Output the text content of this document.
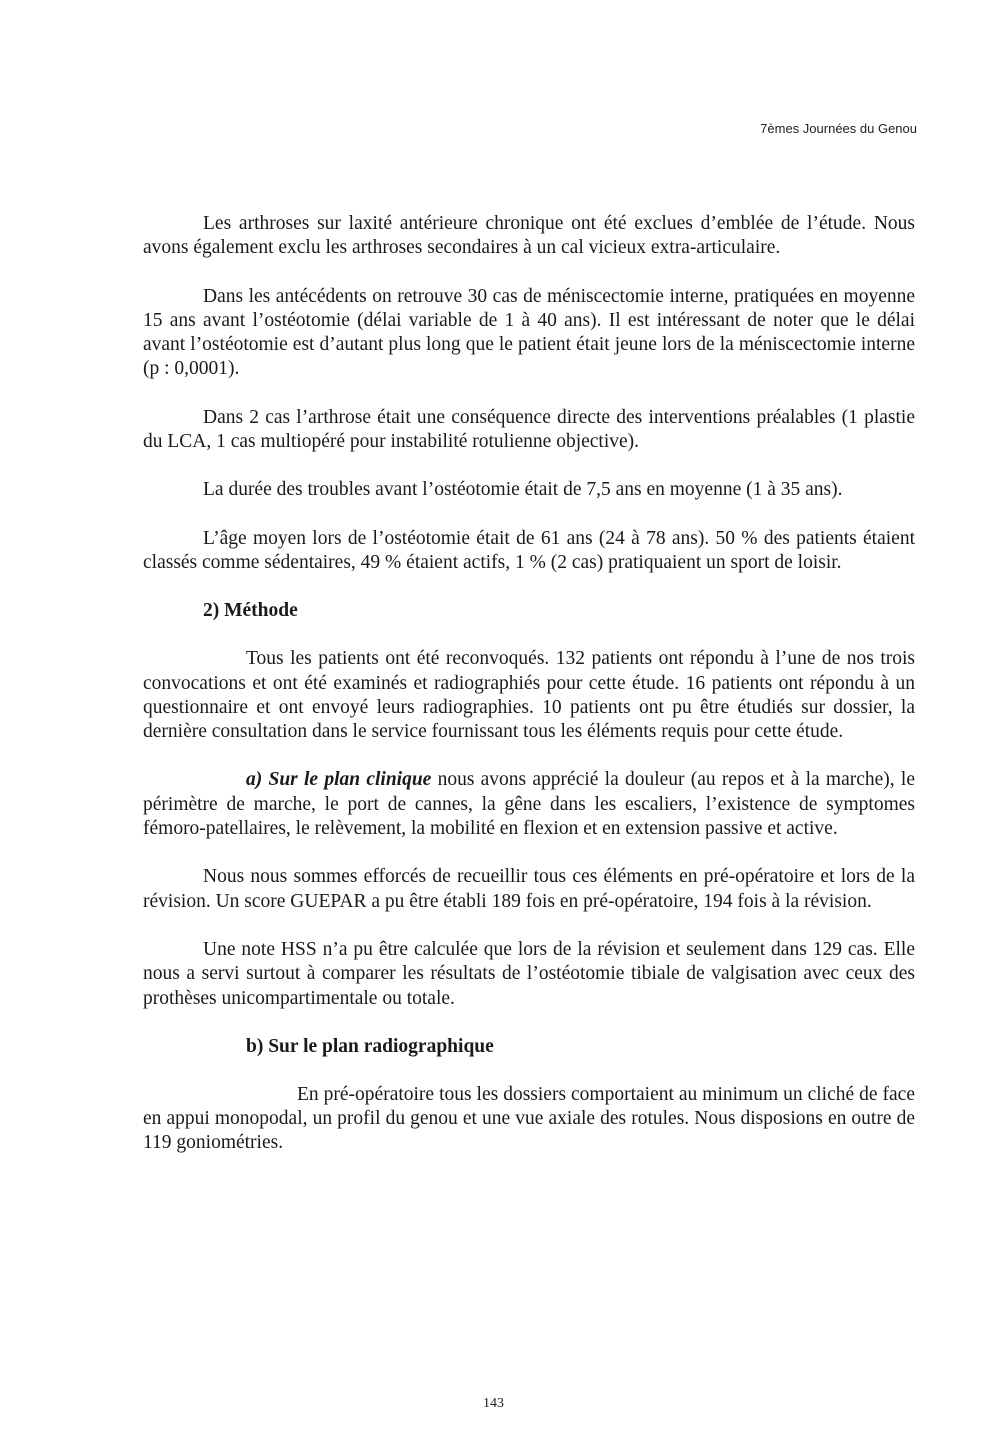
7èmes Journées du Genou

Les arthroses sur laxité antérieure chronique ont été exclues d’emblée de l’étude. Nous avons également exclu les arthroses secondaires à un cal vicieux extra-articulaire.

Dans les antécédents on retrouve 30 cas de méniscectomie interne, pratiquées en moyenne 15 ans avant l’ostéotomie (délai variable de 1 à 40 ans). Il est intéressant de noter que le délai avant l’ostéotomie est d’autant plus long que le patient était jeune lors de la méniscectomie interne (p : 0,0001).

Dans 2 cas l’arthrose était une conséquence directe des interventions préalables (1 plastie du LCA, 1 cas multiopéré pour instabilité rotulienne objective).

La durée des troubles avant l’ostéotomie était de 7,5 ans en moyenne (1 à 35 ans).

L’âge moyen lors de l’ostéotomie était de 61 ans (24 à 78 ans). 50 % des patients étaient classés comme sédentaires, 49 % étaient actifs, 1 % (2 cas) pratiquaient un sport de loisir.

2) Méthode

Tous les patients ont été reconvoqués. 132 patients ont répondu à l’une de nos trois convocations et ont été examinés et radiographiés pour cette étude. 16 patients ont répondu à un questionnaire et ont envoyé leurs radiographies. 10 patients ont pu être étudiés sur dossier, la dernière consultation dans le service fournissant tous les éléments requis pour cette étude.

a) Sur le plan clinique nous avons apprécié la douleur (au repos et à la marche), le périmètre de marche, le port de cannes, la gêne dans les escaliers, l’existence de symptomes fémoro-patellaires, le relèvement, la mobilité en flexion et en extension passive et active.

Nous nous sommes efforcés de recueillir tous ces éléments en pré-opératoire et lors de la révision. Un score GUEPAR a pu être établi 189 fois en pré-opératoire, 194 fois à la révision.

Une note HSS n’a pu être calculée que lors de la révision et seulement dans 129 cas. Elle nous a servi surtout à comparer les résultats de l’ostéotomie tibiale de valgisation avec ceux des prothèses unicompartimentale ou totale.

b) Sur le plan radiographique

En pré-opératoire tous les dossiers comportaient au minimum un cliché de face en appui monopodal, un profil du genou et une vue axiale des rotules. Nous disposions en outre de 119 goniométries.

143
